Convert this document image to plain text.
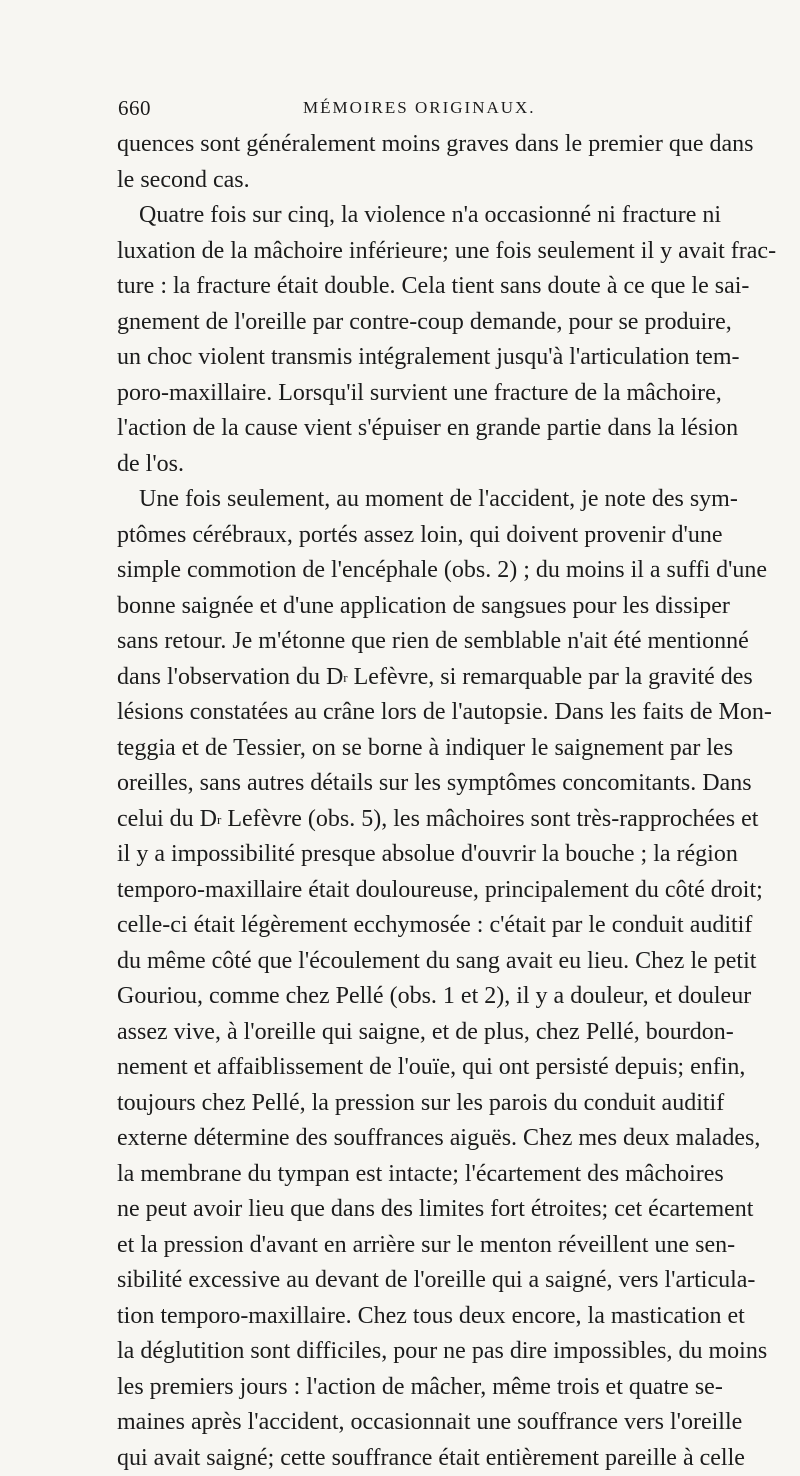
660	MÉMOIRES ORIGINAUX.
quences sont généralement moins graves dans le premier que dans
le second cas.
Quatre fois sur cinq, la violence n'a occasionné ni fracture ni
luxation de la mâchoire inférieure; une fois seulement il y avait frac-
ture : la fracture était double. Cela tient sans doute à ce que le sai-
gnement de l'oreille par contre-coup demande, pour se produire,
un choc violent transmis intégralement jusqu'à l'articulation tem-
poro-maxillaire. Lorsqu'il survient une fracture de la mâchoire,
l'action de la cause vient s'épuiser en grande partie dans la lésion
de l'os.
Une fois seulement, au moment de l'accident, je note des sym-
ptômes cérébraux, portés assez loin, qui doivent provenir d'une
simple commotion de l'encéphale (obs. 2) ; du moins il a suffi d'une
bonne saignée et d'une application de sangsues pour les dissiper
sans retour. Je m'étonne que rien de semblable n'ait été mentionné
dans l'observation du $D^r$ Lefèvre, si remarquable par la gravité des
lésions constatées au crâne lors de l'autopsie. Dans les faits de Mon-
teggia et de Tessier, on se borne à indiquer le saignement par les
oreilles, sans autres détails sur les symptômes concomitants. Dans
celui du $D^r$ Lefèvre (obs. 5), les mâchoires sont très-rapprochées et
il y a impossibilité presque absolue d'ouvrir la bouche ; la région
temporo-maxillaire était douloureuse, principalement du côté droit;
celle-ci était légèrement ecchymosée : c'était par le conduit auditif
du même côté que l'écoulement du sang avait eu lieu. Chez le petit
Gouriou, comme chez Pellé (obs. 1 et 2), il y a douleur, et douleur
assez vive, à l'oreille qui saigne, et de plus, chez Pellé, bourdon-
nement et affaiblissement de l'ouïe, qui ont persisté depuis; enfin,
toujours chez Pellé, la pression sur les parois du conduit auditif
externe détermine des souffrances aiguës. Chez mes deux malades,
la membrane du tympan est intacte; l'écartement des mâchoires
ne peut avoir lieu que dans des limites fort étroites; cet écartement
et la pression d'avant en arrière sur le menton réveillent une sen-
sibilité excessive au devant de l'oreille qui a saigné, vers l'articula-
tion temporo-maxillaire. Chez tous deux encore, la mastication et
la déglutition sont difficiles, pour ne pas dire impossibles, du moins
les premiers jours : l'action de mâcher, même trois et quatre se-
maines après l'accident, occasionnait une souffrance vers l'oreille
qui avait saigné; cette souffrance était entièrement pareille à celle
